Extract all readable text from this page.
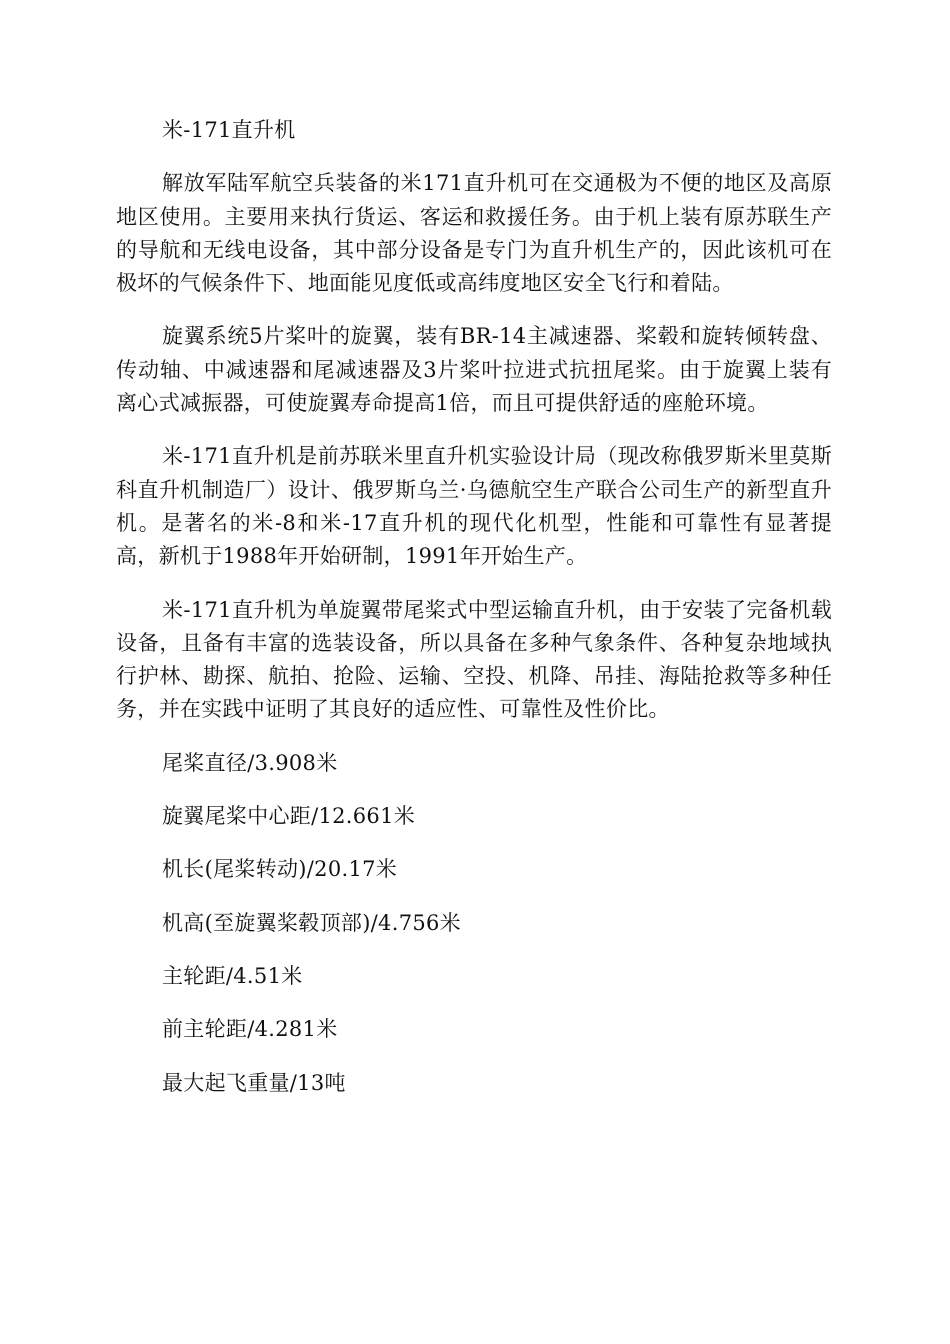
米-171直升机

解放军陆军航空兵装备的米171直升机可在交通极为不便的地区及高原地区使用。主要用来执行货运、客运和救援任务。由于机上装有原苏联生产的导航和无线电设备，其中部分设备是专门为直升机生产的，因此该机可在极坏的气候条件下、地面能见度低或高纬度地区安全飞行和着陆。

旋翼系统5片桨叶的旋翼，装有BR-14主减速器、桨毂和旋转倾转盘、传动轴、中减速器和尾减速器及3片桨叶拉进式抗扭尾桨。由于旋翼上装有离心式减振器，可使旋翼寿命提高1倍，而且可提供舒适的座舱环境。

米-171直升机是前苏联米里直升机实验设计局（现改称俄罗斯米里莫斯科直升机制造厂）设计、俄罗斯乌兰·乌德航空生产联合公司生产的新型直升机。是著名的米-8和米-17直升机的现代化机型，性能和可靠性有显著提高，新机于1988年开始研制，1991年开始生产。

米-171直升机为单旋翼带尾桨式中型运输直升机，由于安装了完备机载设备，且备有丰富的选装设备，所以具备在多种气象条件、各种复杂地域执行护林、勘探、航拍、抢险、运输、空投、机降、吊挂、海陆抢救等多种任务，并在实践中证明了其良好的适应性、可靠性及性价比。

尾桨直径/3.908米

旋翼尾桨中心距/12.661米

机长(尾桨转动)/20.17米

机高(至旋翼桨毂顶部)/4.756米

主轮距/4.51米

前主轮距/4.281米

最大起飞重量/13吨
